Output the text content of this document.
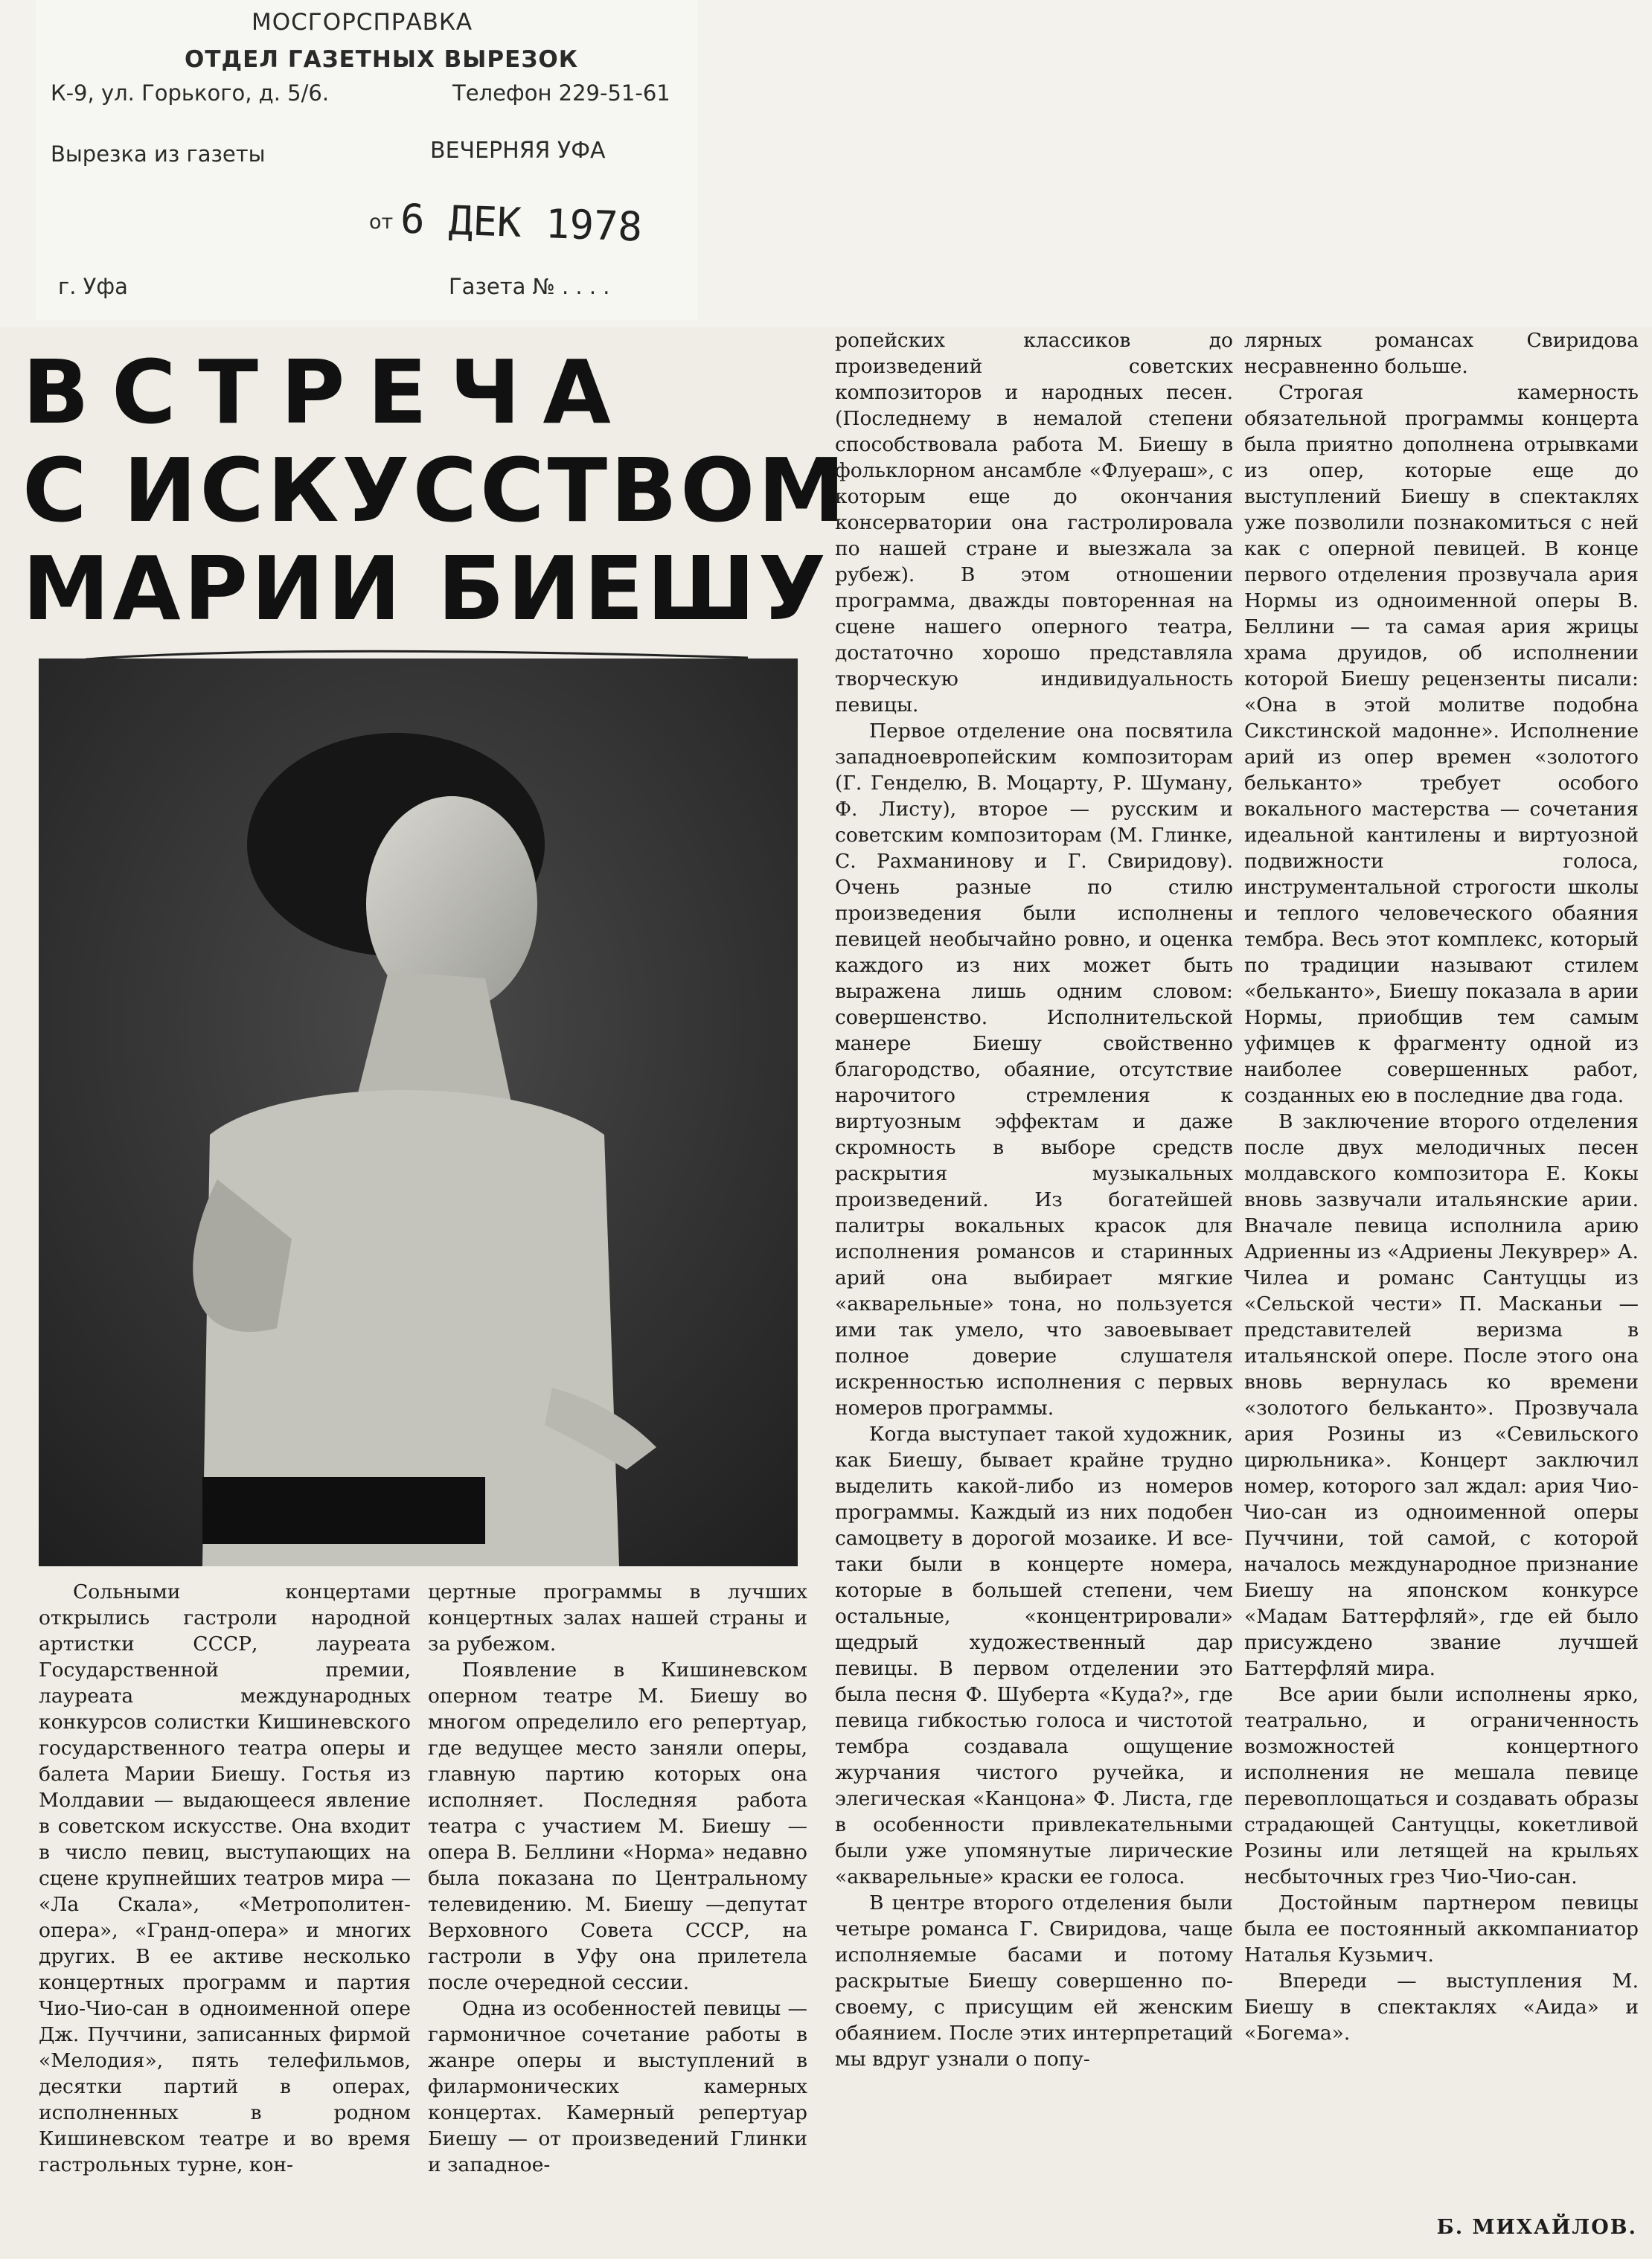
МОСГОРСПРАВКА
ОТДЕЛ ГАЗЕТНЫХ ВЫРЕЗОК
К-9, ул. Горького, д. 5/6.	Телефон 229-51-61
Вырезка из газеты	ВЕЧЕРНЯЯ УФА
от 6 ДЕК 1978
г. Уфа	Газета № . . . .
ВСТРЕЧА
С ИСКУССТВОМ
МАРИИ БИЕШУ

Сольными концертами открылись гастроли народной артистки СССР, лауреата Государственной премии, лауреата международных конкурсов солистки Кишиневского государственного театра оперы и балета Марии Биешу. Гостья из Молдавии — выдающееся явление в советском искусстве. Она входит в число певиц, выступающих на сцене крупнейших театров мира — «Ла Скала», «Метрополитен-опера», «Гранд-опера» и многих других. В ее активе несколько концертных программ и партия Чио-Чио-сан в одноименной опере Дж. Пуччини, записанных фирмой «Мелодия», пять телефильмов, десятки партий в операх, исполненных в родном Кишиневском театре и во время гастрольных турне, кон-

цертные программы в лучших концертных залах нашей страны и за рубежом.

Появление в Кишиневском оперном театре М. Биешу во многом определило его репертуар, где ведущее место заняли оперы, главную партию которых она исполняет. Последняя работа театра с участием М. Биешу — опера В. Беллини «Норма» недавно была показана по Центральному телевидению. М. Биешу —депутат Верховного Совета СССР, на гастроли в Уфу она прилетела после очередной сессии.

Одна из особенностей певицы — гармоничное сочетание работы в жанре оперы и выступлений в филармонических камерных концертах. Камерный репертуар Биешу — от произведений Глинки и западное-

ропейских классиков до произведений советских композиторов и народных песен. (Последнему в немалой степени способствовала работа М. Биешу в фольклорном ансамбле «Флуераш», с которым еще до окончания консерватории она гастролировала по нашей стране и выезжала за рубеж). В этом отношении программа, дважды повторенная на сцене нашего оперного театра, достаточно хорошо представляла творческую индивидуальность певицы.

Первое отделение она посвятила западноевропейским композиторам (Г. Генделю, В. Моцарту, Р. Шуману, Ф. Листу), второе — русским и советским композиторам (М. Глинке, С. Рахманинову и Г. Свиридову). Очень разные по стилю произведения были исполнены певицей необычайно ровно, и оценка каждого из них может быть выражена лишь одним словом: совершенство. Исполнительской манере Биешу свойственно благородство, обаяние, отсутствие нарочитого стремления к виртуозным эффектам и даже скромность в выборе средств раскрытия музыкальных произведений. Из богатейшей палитры вокальных красок для исполнения романсов и старинных арий она выбирает мягкие «акварельные» тона, но пользуется ими так умело, что завоевывает полное доверие слушателя искренностью исполнения с первых номеров программы.

Когда выступает такой художник, как Биешу, бывает крайне трудно выделить какой-либо из номеров программы. Каждый из них подобен самоцвету в дорогой мозаике. И все-таки были в концерте номера, которые в большей степени, чем остальные, «концентрировали» щедрый художественный дар певицы. В первом отделении это была песня Ф. Шуберта «Куда?», где певица гибкостью голоса и чистотой тембра создавала ощущение журчания чистого ручейка, и элегическая «Канцона» Ф. Листа, где в особенности привлекательными были уже упомянутые лирические «акварельные» краски ее голоса.

В центре второго отделения были четыре романса Г. Свиридова, чаще исполняемые басами и потому раскрытые Биешу совершенно по-своему, с присущим ей женским обаянием. После этих интерпретаций мы вдруг узнали о попу-

лярных романсах Свиридова несравненно больше.

Строгая камерность обязательной программы концерта была приятно дополнена отрывками из опер, которые еще до выступлений Биешу в спектаклях уже позволили познакомиться с ней как с оперной певицей. В конце первого отделения прозвучала ария Нормы из одноименной оперы В. Беллини — та самая ария жрицы храма друидов, об исполнении которой Биешу рецензенты писали: «Она в этой молитве подобна Сикстинской мадонне». Исполнение арий из опер времен «золотого бельканто» требует особого вокального мастерства — сочетания идеальной кантилены и виртуозной подвижности голоса, инструментальной строгости школы и теплого человеческого обаяния тембра. Весь этот комплекс, который по традиции называют стилем «бельканто», Биешу показала в арии Нормы, приобщив тем самым уфимцев к фрагменту одной из наиболее совершенных работ, созданных ею в последние два года.

В заключение второго отделения после двух мелодичных песен молдавского композитора Е. Кокы вновь зазвучали итальянские арии. Вначале певица исполнила арию Адриенны из «Адриены Лекуврер» А. Чилеа и романс Сантуццы из «Сельской чести» П. Масканьи —представителей веризма в итальянской опере. После этого она вновь вернулась ко времени «золотого бельканто». Прозвучала ария Розины из «Севильского цирюльника». Концерт заключил номер, которого зал ждал: ария Чио-Чио-сан из одноименной оперы Пуччини, той самой, с которой началось международное признание Биешу на японском конкурсе «Мадам Баттерфляй», где ей было присуждено звание лучшей Баттерфляй мира.

Все арии были исполнены ярко, театрально, и ограниченность возможностей концертного исполнения не мешала певице перевоплощаться и создавать образы страдающей Сантуццы, кокетливой Розины или летящей на крыльях несбыточных грез Чио-Чио-сан.

Достойным партнером певицы была ее постоянный аккомпаниатор Наталья Кузьмич.

Впереди — выступления М. Биешу в спектаклях «Аида» и «Богема».

Б. МИХАЙЛОВ.
